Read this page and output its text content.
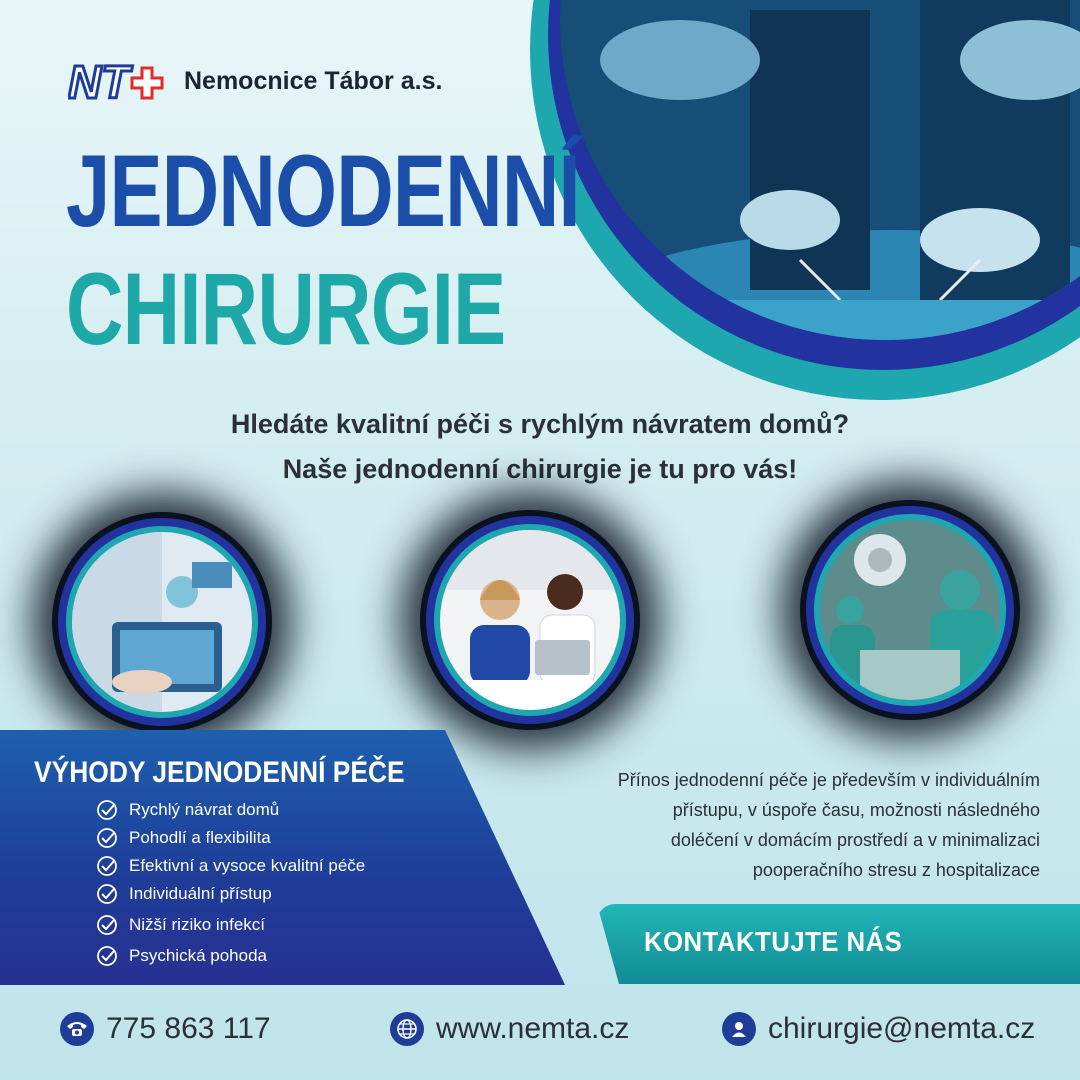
NT Nemocnice Tábor a.s.
JEDNODENNÍ
CHIRURGIE
Hledáte kvalitní péči s rychlým návratem domů?
Naše jednodenní chirurgie je tu pro vás!
VÝHODY JEDNODENNÍ PÉČE
Rychlý návrat domů
Pohodlí a flexibilita
Efektivní a vysoce kvalitní péče
Individuální přístup
Nižší riziko infekcí
Psychická pohoda
Přínos jednodenní péče je především v individuálním
přístupu, v úspoře času, možnosti následného
doléčení v domácím prostředí a v minimalizaci
pooperačního stresu z hospitalizace
KONTAKTUJTE NÁS
775 863 117	www.nemta.cz	chirurgie@nemta.cz
